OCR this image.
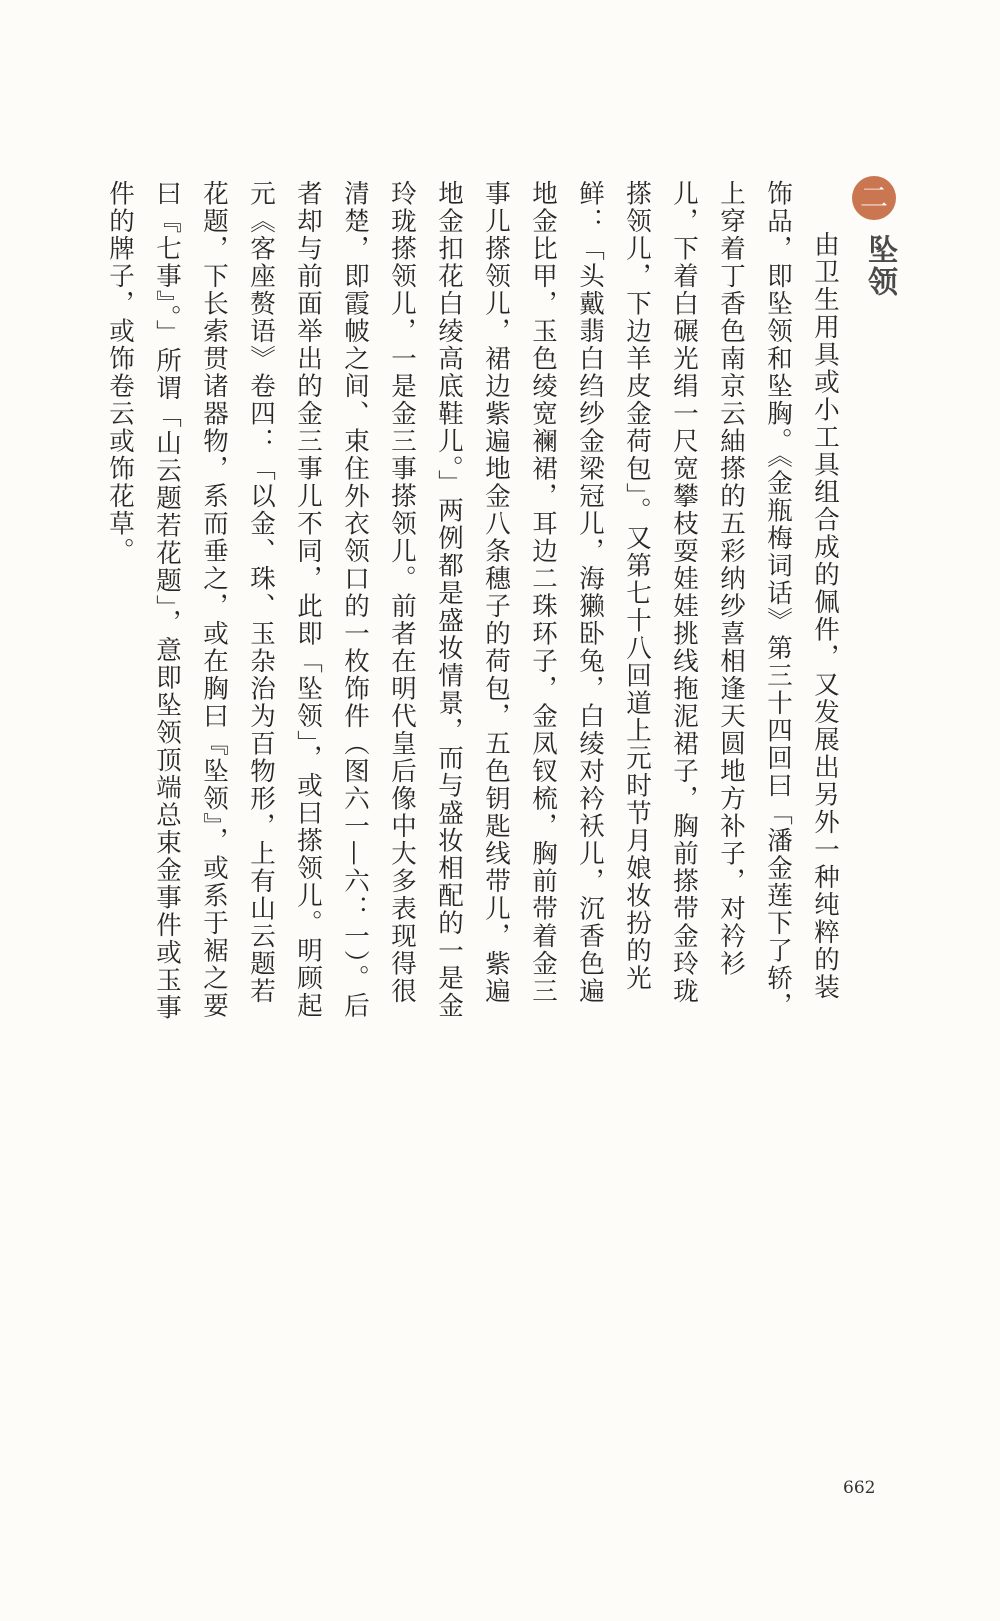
二
坠领

由卫生用具或小工具组合成的佩件，又发展出另外一种纯粹的装饰品，即坠领和坠胸。《金瓶梅词话》第三十四回曰「潘金莲下了轿，上穿着丁香色南京云紬搽的五彩纳纱喜相逢天圆地方补子，对衿衫儿，下着白碾光绢一尺宽攀枝耍娃娃挑线拖泥裙子，胸前搽带金玲珑搽领儿，下边羊皮金荷包」。又第七十八回道上元时节月娘妆扮的光鲜：「头戴翡白绉纱金梁冠儿，海獭卧兔，白绫对衿袄儿，沉香色遍地金比甲，玉色绫宽襕裙，耳边二珠环子，金凤钗梳，胸前带着金三事儿搽领儿，裙边紫遍地金八条穗子的荷包，五色钥匙线带儿，紫遍地金扣花白绫高底鞋儿。」两例都是盛妆情景，而与盛妆相配的一是金玲珑搽领儿，一是金三事搽领儿。前者在明代皇后像中大多表现得很清楚，即霞帔之间、束住外衣领口的一枚饰件（图六一—六：一）。后者却与前面举出的金三事儿不同，此即「坠领」，或曰搽领儿。明顾起元《客座赘语》卷四：「以金、珠、玉杂治为百物形，上有山云题若花题，下长索贯诸器物，系而垂之，或在胸曰『坠领』，或系于裾之要曰『七事』。」所谓「山云题若花题」，意即坠领顶端总束金事件或玉事件的牌子，或饰卷云或饰花草。

662
